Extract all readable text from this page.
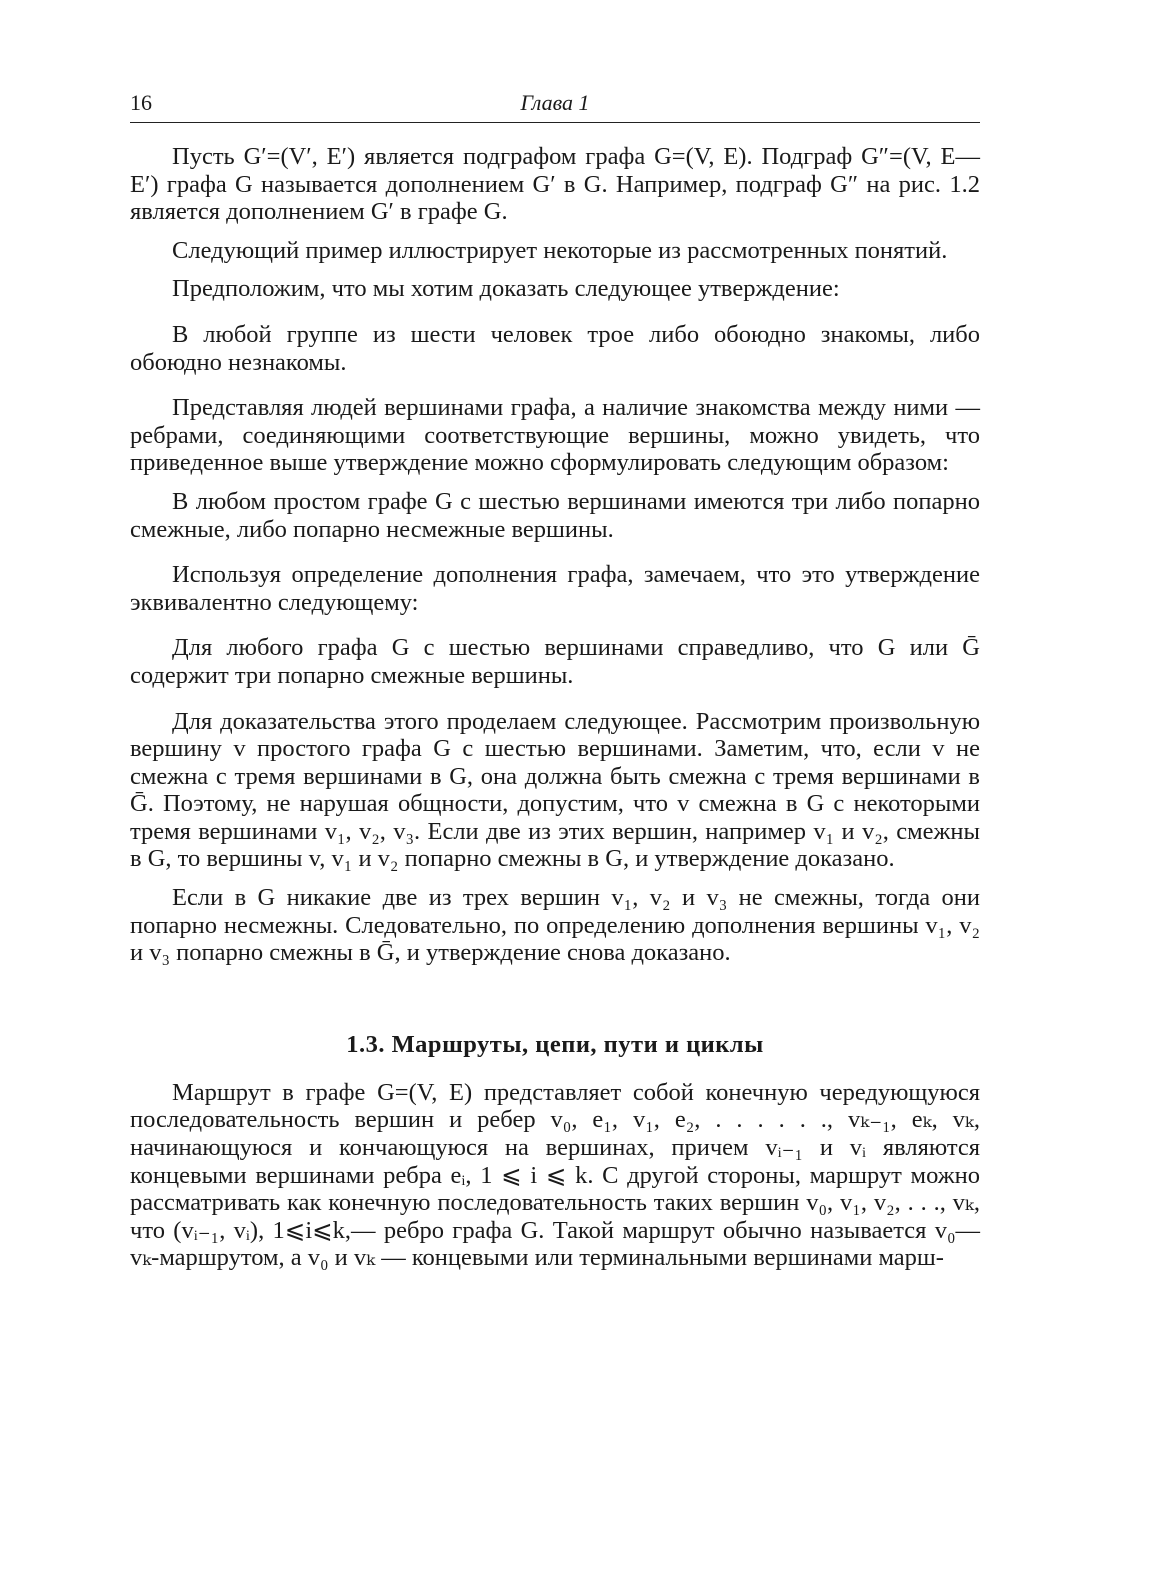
16	Глава 1

Пусть G′=(V′, E′) является подграфом графа G=(V, E). Подграф G″=(V, E—E′) графа G называется дополнением G′ в G. Например, подграф G″ на рис. 1.2 является дополнением G′ в графе G.

Следующий пример иллюстрирует некоторые из рассмотренных понятий.

Предположим, что мы хотим доказать следующее утверждение:

В любой группе из шести человек трое либо обоюдно знакомы, либо обоюдно незнакомы.

Представляя людей вершинами графа, а наличие знакомства между ними — ребрами, соединяющими соответствующие вершины, можно увидеть, что приведенное выше утверждение можно сформулировать следующим образом:

В любом простом графе G с шестью вершинами имеются три либо попарно смежные, либо попарно несмежные вершины.

Используя определение дополнения графа, замечаем, что это утверждение эквивалентно следующему:

Для любого графа G с шестью вершинами справедливо, что G или Ḡ содержит три попарно смежные вершины.

Для доказательства этого проделаем следующее. Рассмотрим произвольную вершину v простого графа G с шестью вершинами. Заметим, что, если v не смежна с тремя вершинами в G, она должна быть смежна с тремя вершинами в Ḡ. Поэтому, не нарушая общности, допустим, что v смежна в G с некоторыми тремя вершинами v₁, v₂, v₃. Если две из этих вершин, например v₁ и v₂, смежны в G, то вершины v, v₁ и v₂ попарно смежны в G, и утверждение доказано.

Если в G никакие две из трех вершин v₁, v₂ и v₃ не смежны, тогда они попарно несмежны. Следовательно, по определению дополнения вершины v₁, v₂ и v₃ попарно смежны в Ḡ, и утверждение снова доказано.

1.3. Маршруты, цепи, пути и циклы

Маршрут в графе G=(V, E) представляет собой конечную чередующуюся последовательность вершин и ребер v₀, e₁, v₁, e₂, . . . . . ., vₖ₋₁, eₖ, vₖ, начинающуюся и кончающуюся на вершинах, причем vᵢ₋₁ и vᵢ являются концевыми вершинами ребра eᵢ, 1 ⩽ i ⩽ k. С другой стороны, маршрут можно рассматривать как конечную последовательность таких вершин v₀, v₁, v₂, . . ., vₖ, что (vᵢ₋₁, vᵢ), 1⩽i⩽k,— ребро графа G. Такой маршрут обычно называется v₀—vₖ-маршрутом, а v₀ и vₖ — концевыми или терминальными вершинами марш-
